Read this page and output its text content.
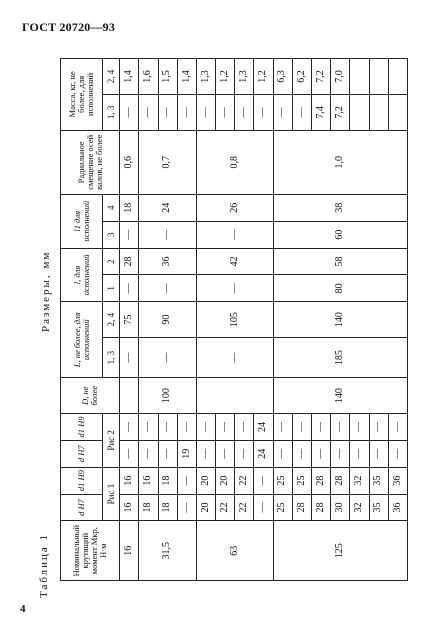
ГОСТ 20720—93
4
Таблица 1
Размеры, мм
Номинальный крутящий момент Mкр, Н·м	d H7	d1 H9	d H7	d1 H9	D, не более	L, не более, для исполнений		l, для исполнений		l1 для исполнений		Радиальное смещение осей валов, не более	Масса, кг, не более, для исполнений	
	Рис 1		Рис 2			1, 3	2, 4	1	2	3	4		1, 3	2, 4
16	16	16	—	—		—	75	—	28	—	18	0,6	—	1,4
31,5	18	16	—	—	100	—	90	—	36	—	24	0,7	—	1,6
	18	18	—	—									—	1,5
	—	—	19	—									—	1,4
63	20	20	—	—		—	105	—	42	—	26	0,8	—	1,3
	22	20	—	—									—	1,2
	22	22	—	—									—	1,3
	—	—	24	24									—	1,2
125	25	25	—	—	140	185	140	80	58	60	38	1,0	—	6,3
	28	25	—	—									—	6,2
	28	28	—	—									7,4	7,2
	30	28	—	—									7,2	7,0
	32	32	—	—										
	35	35	—	—										
	36	36	—	—										
